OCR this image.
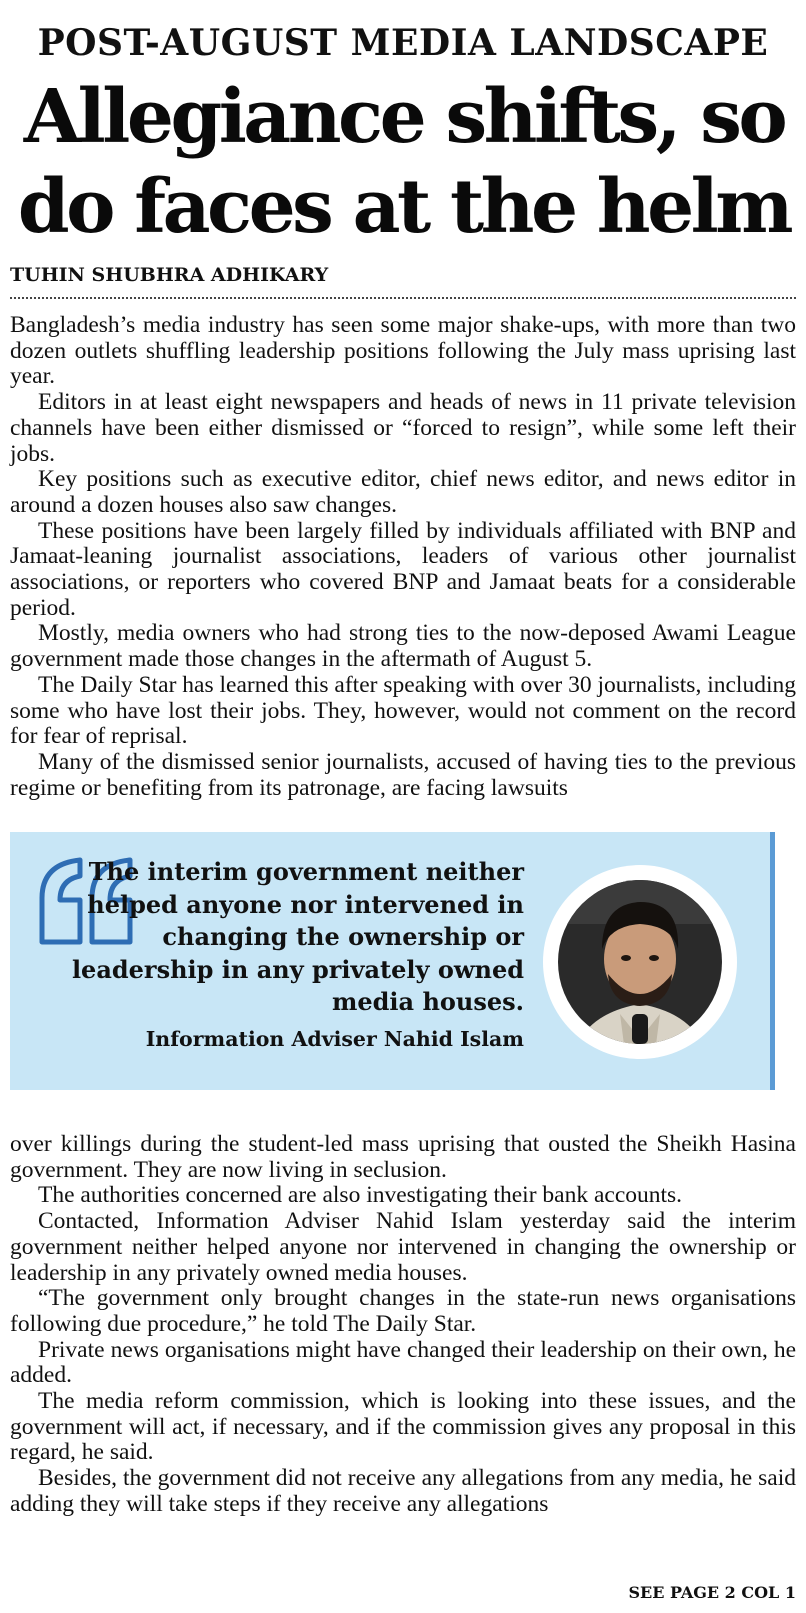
POST-AUGUST MEDIA LANDSCAPE
Allegiance shifts, so
do faces at the helm
TUHIN SHUBHRA ADHIKARY

Bangladesh’s media industry has seen some major shake-ups, with more than two dozen outlets shuffling leadership positions following the July mass uprising last year.

Editors in at least eight newspapers and heads of news in 11 private television channels have been either dismissed or “forced to resign”, while some left their jobs.

Key positions such as executive editor, chief news editor, and news editor in around a dozen houses also saw changes.

These positions have been largely filled by individuals affiliated with BNP and Jamaat-leaning journalist associations, leaders of various other journalist associations, or reporters who covered BNP and Jamaat beats for a considerable period.

Mostly, media owners who had strong ties to the now-deposed Awami League government made those changes in the aftermath of August 5.

The Daily Star has learned this after speaking with over 30 journalists, including some who have lost their jobs. They, however, would not comment on the record for fear of reprisal.

Many of the dismissed senior journalists, accused of having ties to the previous regime or benefiting from its patronage, are facing lawsuits

The interim government neither helped anyone nor intervened in changing the ownership or leadership in any privately owned media houses.
Information Adviser Nahid Islam

over killings during the student-led mass uprising that ousted the Sheikh Hasina government. They are now living in seclusion.

The authorities concerned are also investigating their bank accounts.

Contacted, Information Adviser Nahid Islam yesterday said the interim government neither helped anyone nor intervened in changing the ownership or leadership in any privately owned media houses.

“The government only brought changes in the state-run news organisations following due procedure,” he told The Daily Star.

Private news organisations might have changed their leadership on their own, he added.

The media reform commission, which is looking into these issues, and the government will act, if necessary, and if the commission gives any proposal in this regard, he said.

Besides, the government did not receive any allegations from any media, he said adding they will take steps if they receive any allegations

SEE PAGE 2 COL 1
